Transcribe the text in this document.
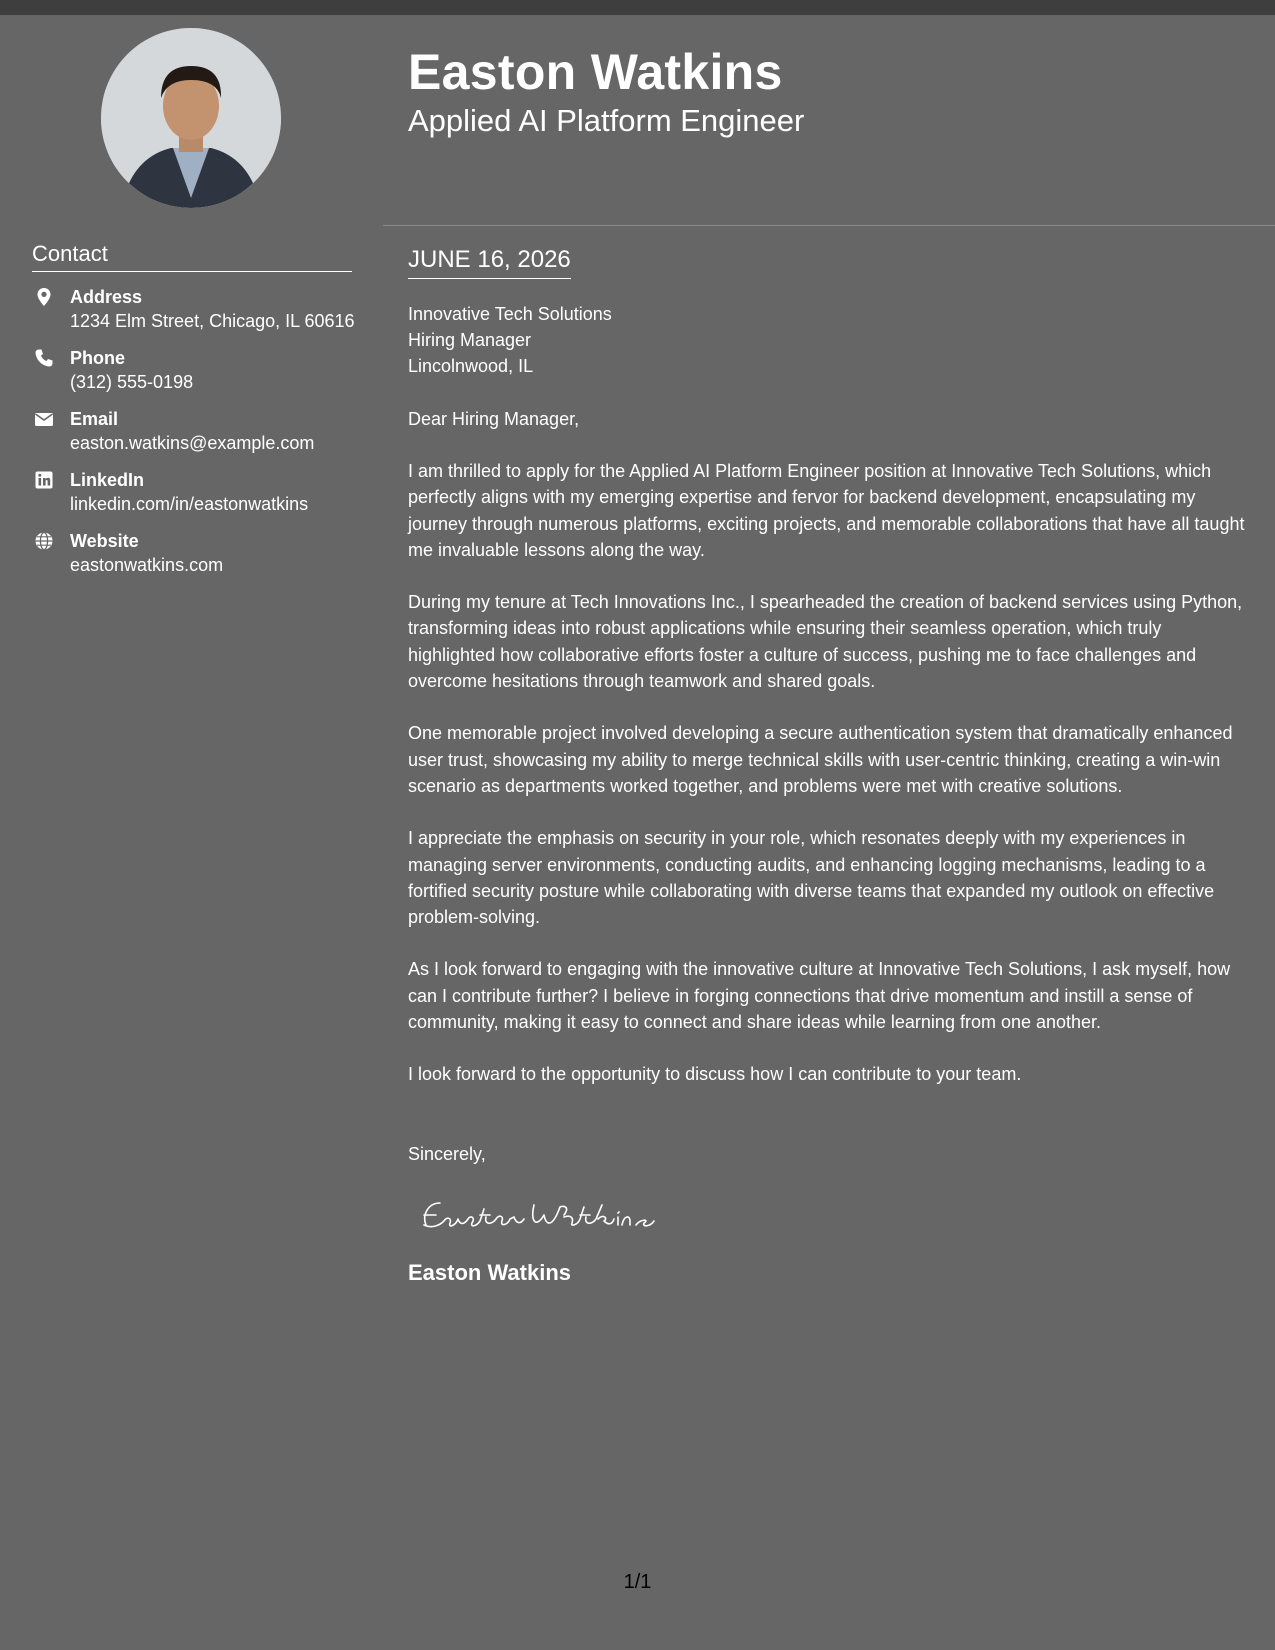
Contact
Address
1234 Elm Street, Chicago, IL 60616
Phone
(312) 555-0198
Email
easton.watkins@example.com
LinkedIn
linkedin.com/in/eastonwatkins
Website
eastonwatkins.com
Easton Watkins
Applied AI Platform Engineer
JUNE 16, 2026
Innovative Tech Solutions
Hiring Manager
Lincolnwood, IL
Dear Hiring Manager,
I am thrilled to apply for the Applied AI Platform Engineer position at Innovative Tech Solutions, which perfectly aligns with my emerging expertise and fervor for backend development, encapsulating my journey through numerous platforms, exciting projects, and memorable collaborations that have all taught me invaluable lessons along the way.
During my tenure at Tech Innovations Inc., I spearheaded the creation of backend services using Python, transforming ideas into robust applications while ensuring their seamless operation, which truly highlighted how collaborative efforts foster a culture of success, pushing me to face challenges and overcome hesitations through teamwork and shared goals.
One memorable project involved developing a secure authentication system that dramatically enhanced user trust, showcasing my ability to merge technical skills with user-centric thinking, creating a win-win scenario as departments worked together, and problems were met with creative solutions.
I appreciate the emphasis on security in your role, which resonates deeply with my experiences in managing server environments, conducting audits, and enhancing logging mechanisms, leading to a fortified security posture while collaborating with diverse teams that expanded my outlook on effective problem-solving.
As I look forward to engaging with the innovative culture at Innovative Tech Solutions, I ask myself, how can I contribute further? I believe in forging connections that drive momentum and instill a sense of community, making it easy to connect and share ideas while learning from one another.
I look forward to the opportunity to discuss how I can contribute to your team.
Sincerely,
Easton Watkins
1/1
